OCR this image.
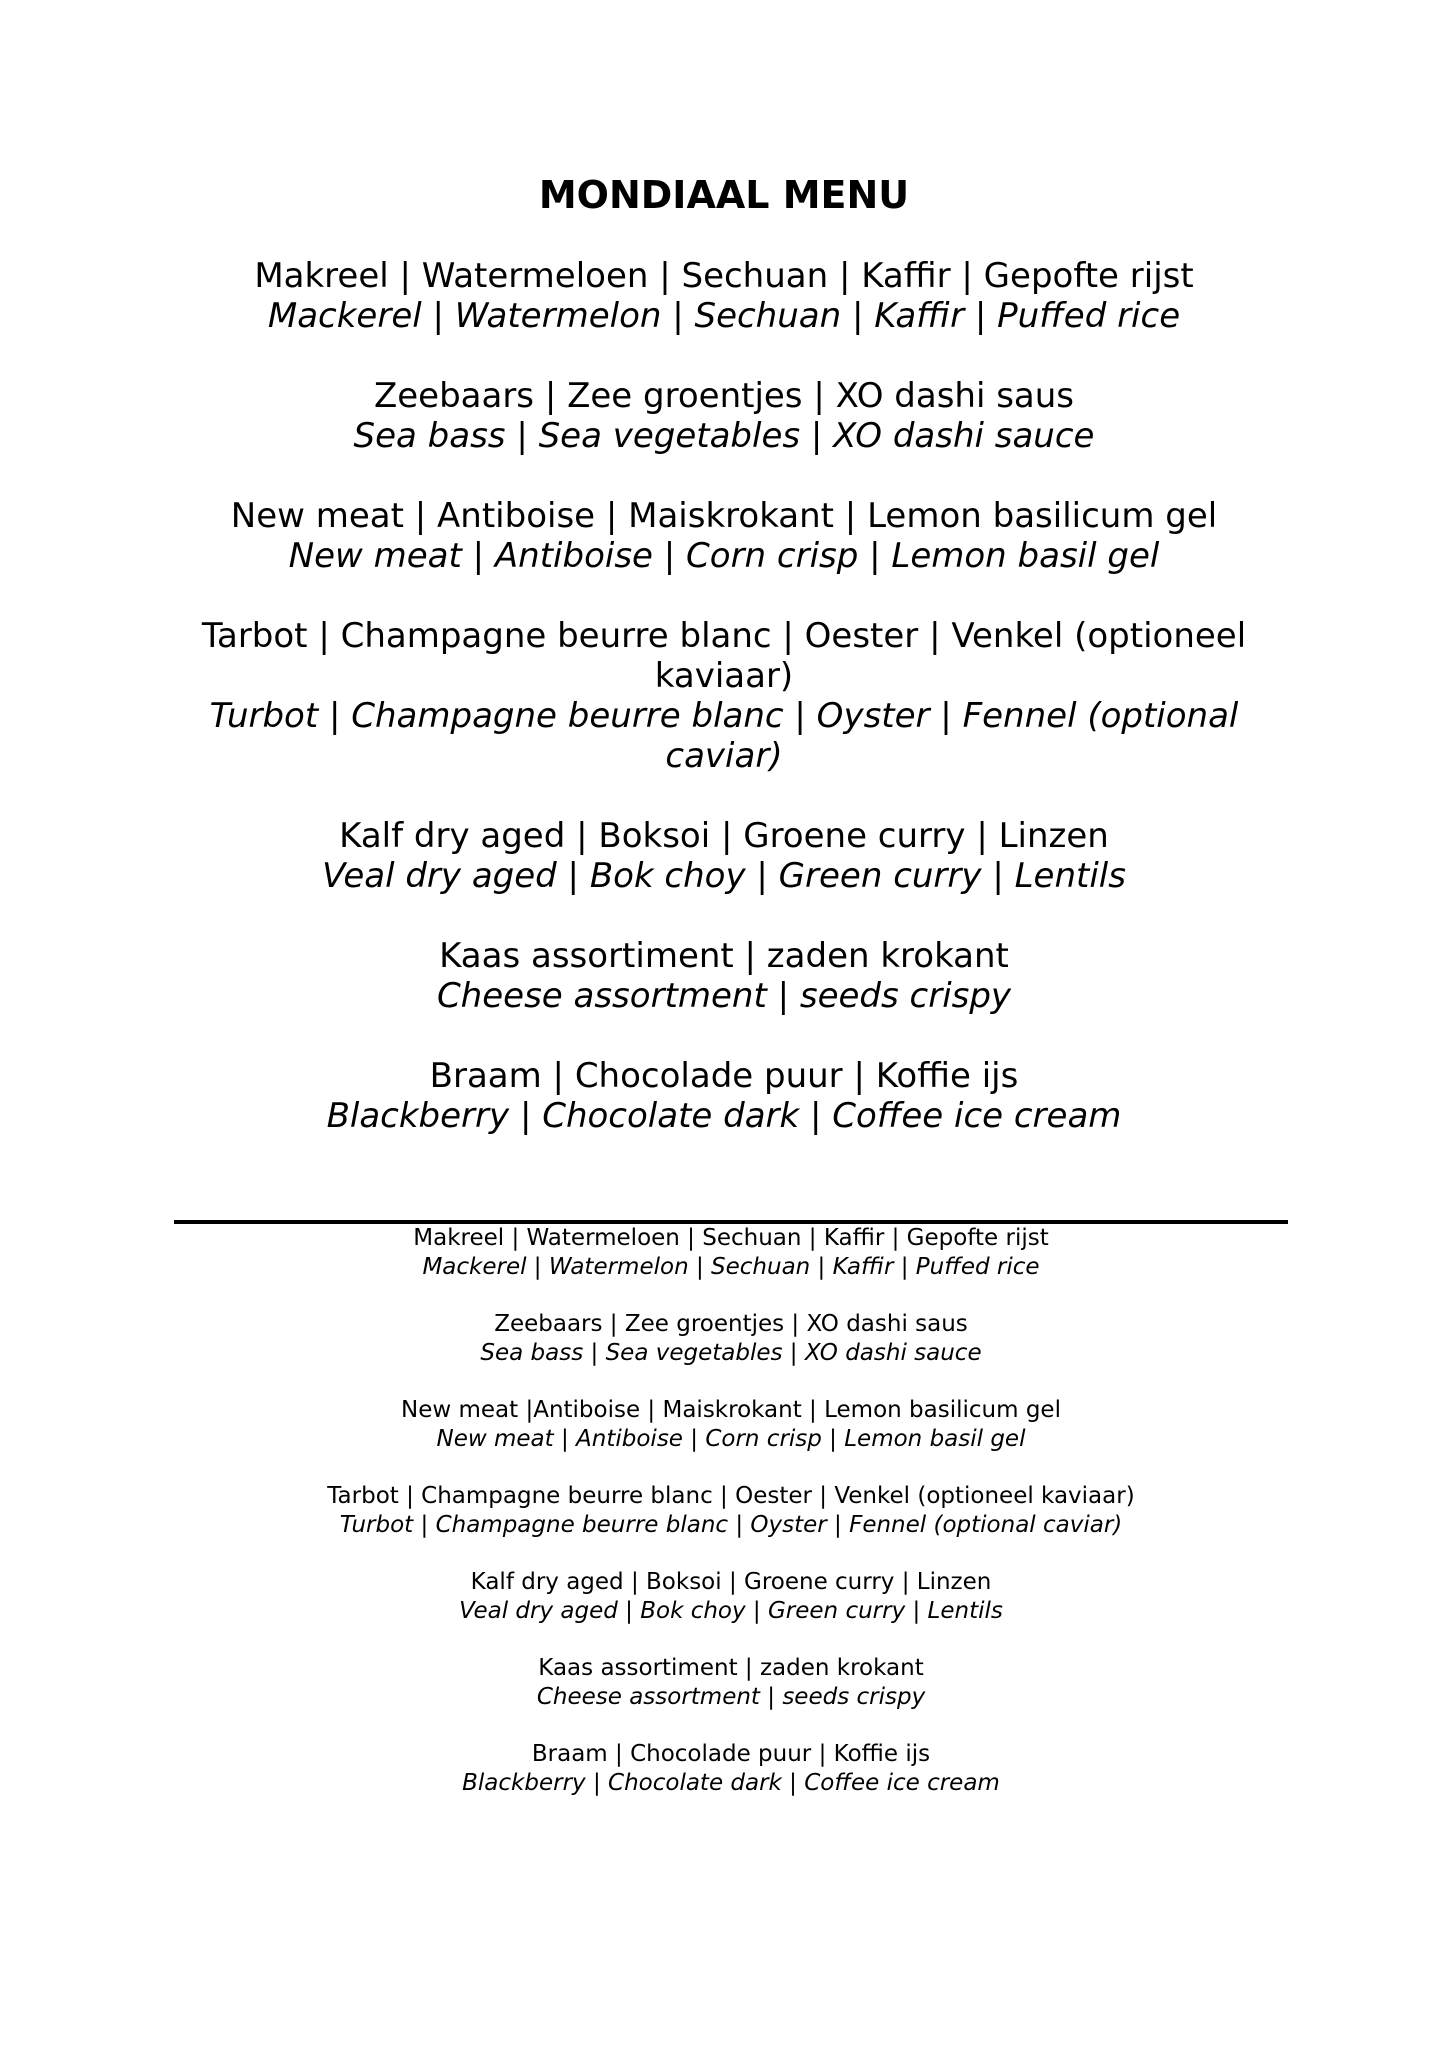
MONDIAAL MENU
Makreel | Watermeloen | Sechuan | Kaffir | Gepofte rijst
Mackerel | Watermelon | Sechuan | Kaffir | Puffed rice
Zeebaars | Zee groentjes | XO dashi saus
Sea bass | Sea vegetables | XO dashi sauce
New meat | Antiboise | Maiskrokant | Lemon basilicum gel
New meat | Antiboise | Corn crisp | Lemon basil gel
Tarbot | Champagne beurre blanc | Oester | Venkel (optioneel kaviaar)
Turbot | Champagne beurre blanc | Oyster | Fennel (optional caviar)
Kalf dry aged | Boksoi | Groene curry | Linzen
Veal dry aged | Bok choy | Green curry | Lentils
Kaas assortiment | zaden krokant
Cheese assortment | seeds crispy
Braam | Chocolade puur | Koffie ijs
Blackberry | Chocolate dark | Coffee ice cream
Makreel | Watermeloen | Sechuan | Kaffir | Gepofte rijst
Mackerel | Watermelon | Sechuan | Kaffir | Puffed rice
Zeebaars | Zee groentjes | XO dashi saus
Sea bass | Sea vegetables | XO dashi sauce
New meat |Antiboise | Maiskrokant | Lemon basilicum gel
New meat | Antiboise | Corn crisp | Lemon basil gel
Tarbot | Champagne beurre blanc | Oester | Venkel (optioneel kaviaar)
Turbot | Champagne beurre blanc | Oyster | Fennel (optional caviar)
Kalf dry aged | Boksoi | Groene curry | Linzen
Veal dry aged | Bok choy | Green curry | Lentils
Kaas assortiment | zaden krokant
Cheese assortment | seeds crispy
Braam | Chocolade puur | Koffie ijs
Blackberry | Chocolate dark | Coffee ice cream
